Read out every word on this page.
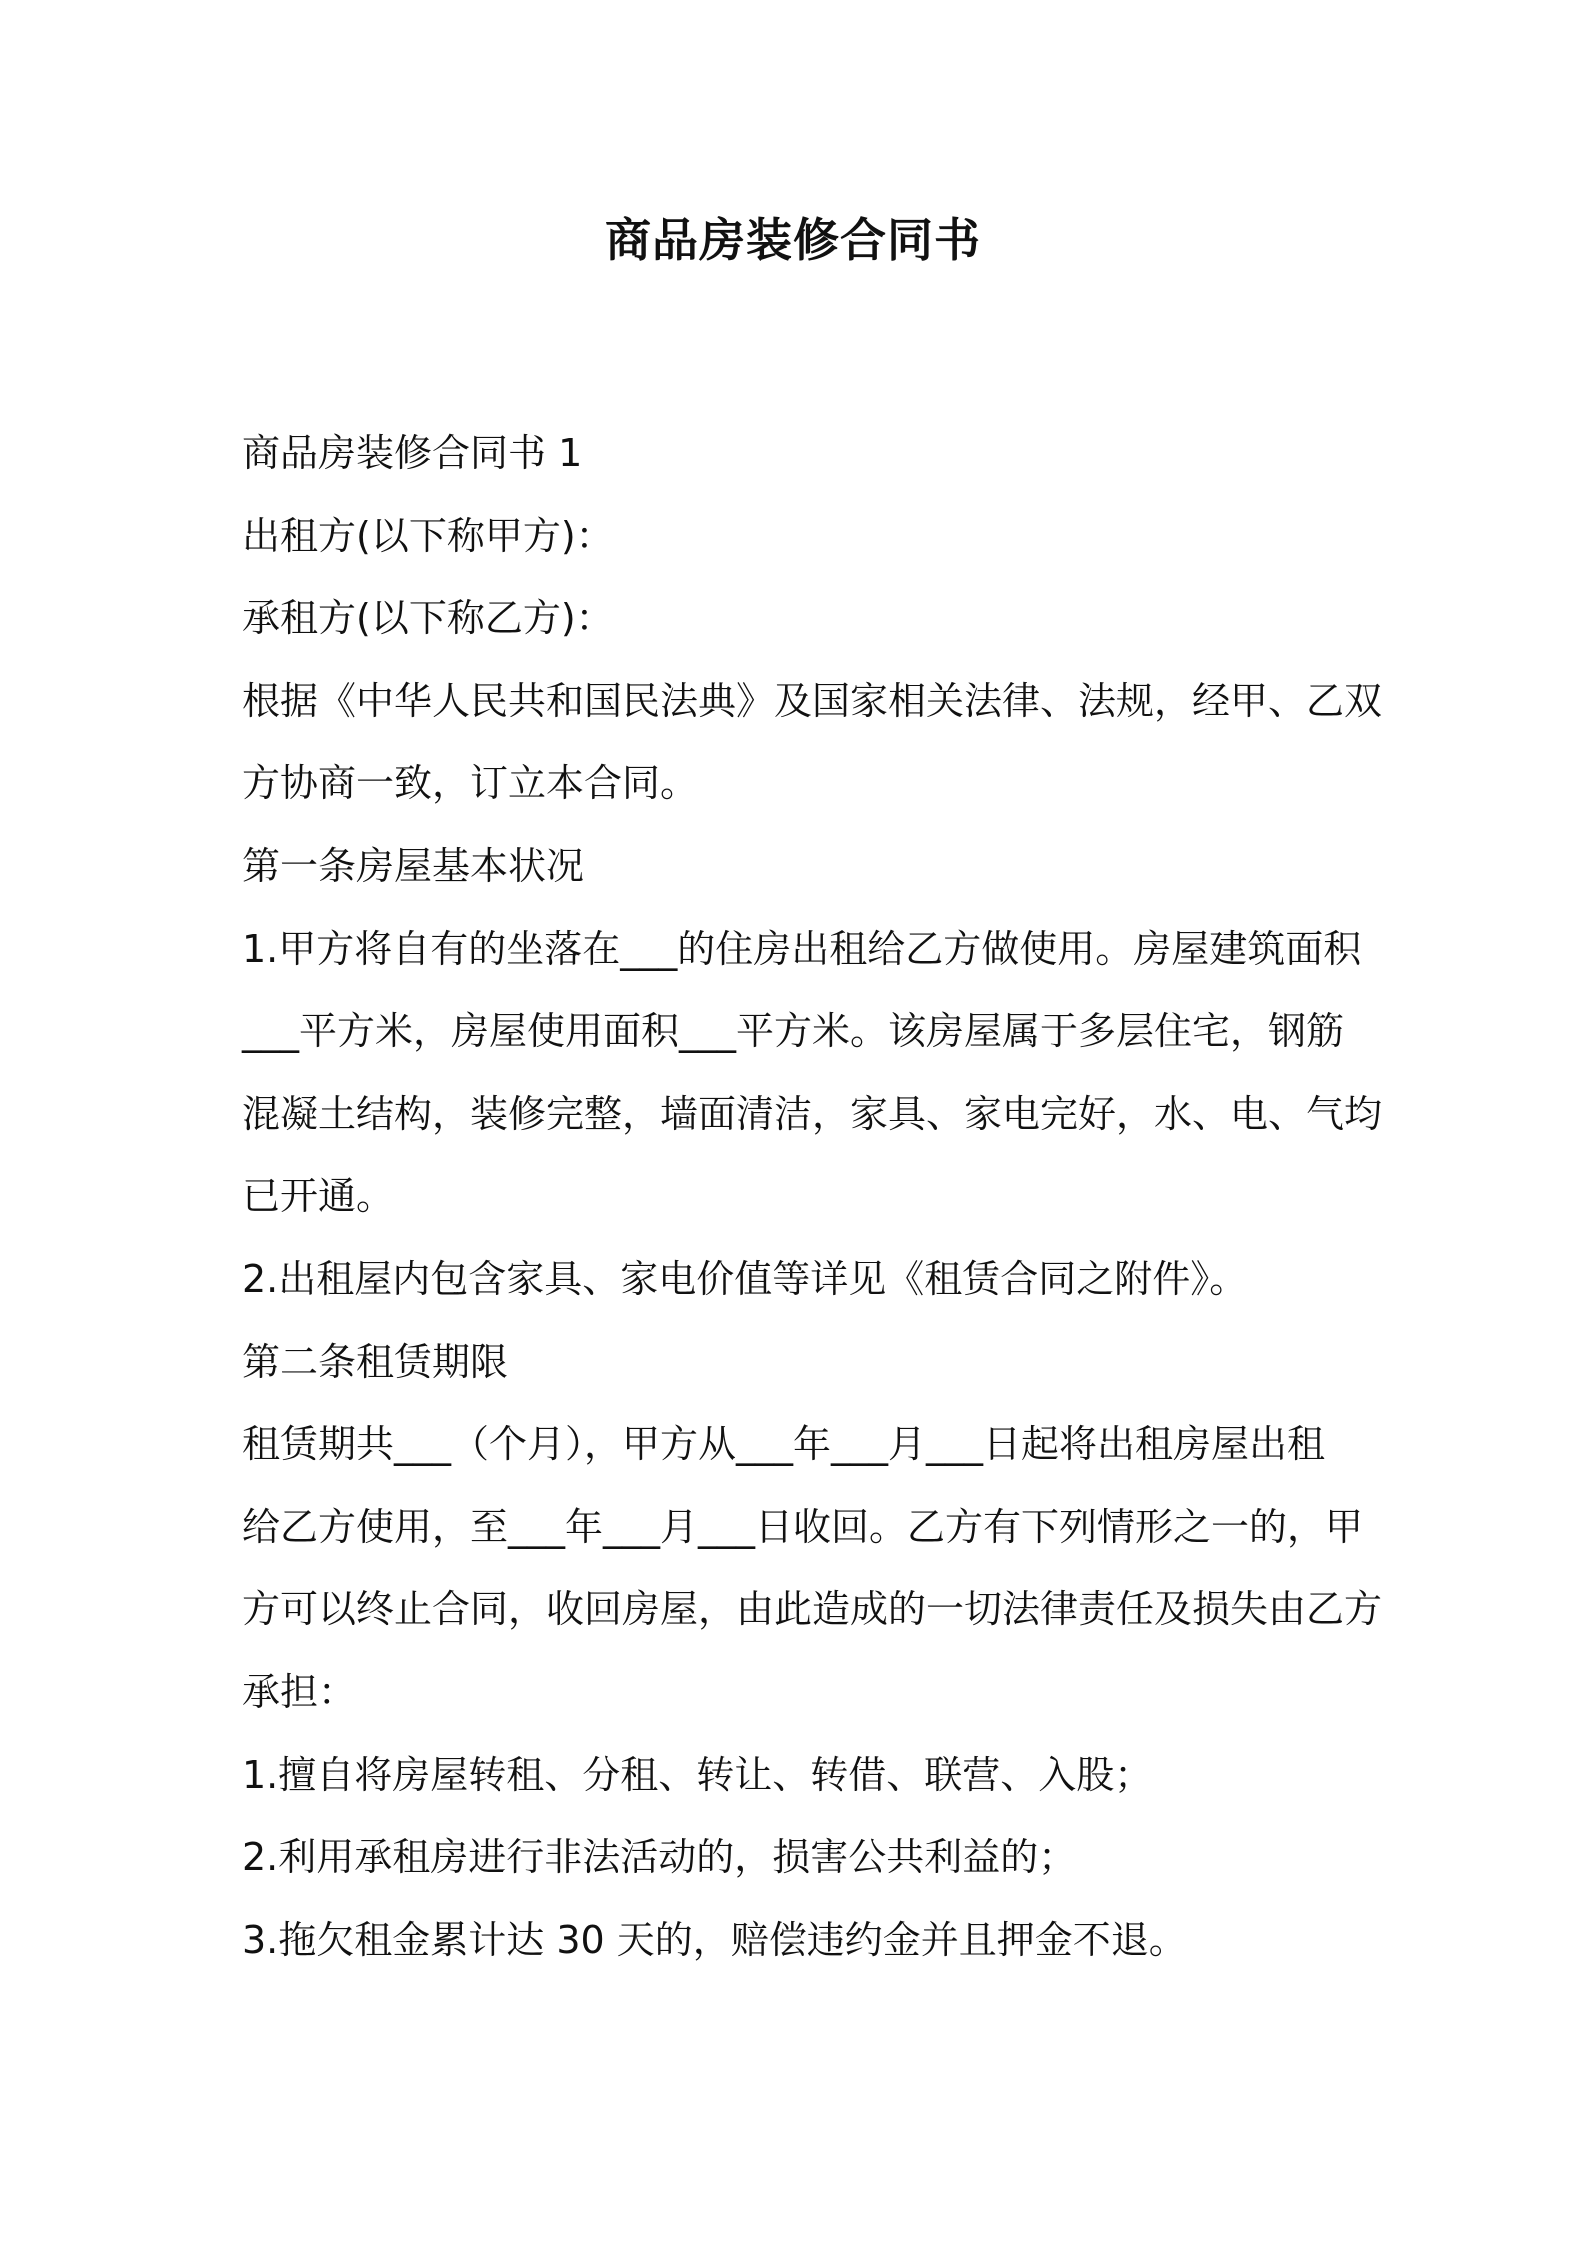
商品房装修合同书

商品房装修合同书 1

出租方(以下称甲方)：

承租方(以下称乙方)：

根据《中华人民共和国民法典》及国家相关法律、法规，经甲、乙双

方协商一致，订立本合同。

第一条房屋基本状况

1.甲方将自有的坐落在___的住房出租给乙方做使用。房屋建筑面积

___平方米，房屋使用面积___平方米。该房屋属于多层住宅，钢筋

混凝土结构，装修完整，墙面清洁，家具、家电完好，水、电、气均

已开通。

2.出租屋内包含家具、家电价值等详见《租赁合同之附件》。

第二条租赁期限

租赁期共___（个月），甲方从___年___月___日起将出租房屋出租

给乙方使用，至___年___月___日收回。乙方有下列情形之一的，甲

方可以终止合同，收回房屋，由此造成的一切法律责任及损失由乙方

承担：

1.擅自将房屋转租、分租、转让、转借、联营、入股；

2.利用承租房进行非法活动的，损害公共利益的；

3.拖欠租金累计达 30 天的，赔偿违约金并且押金不退。
